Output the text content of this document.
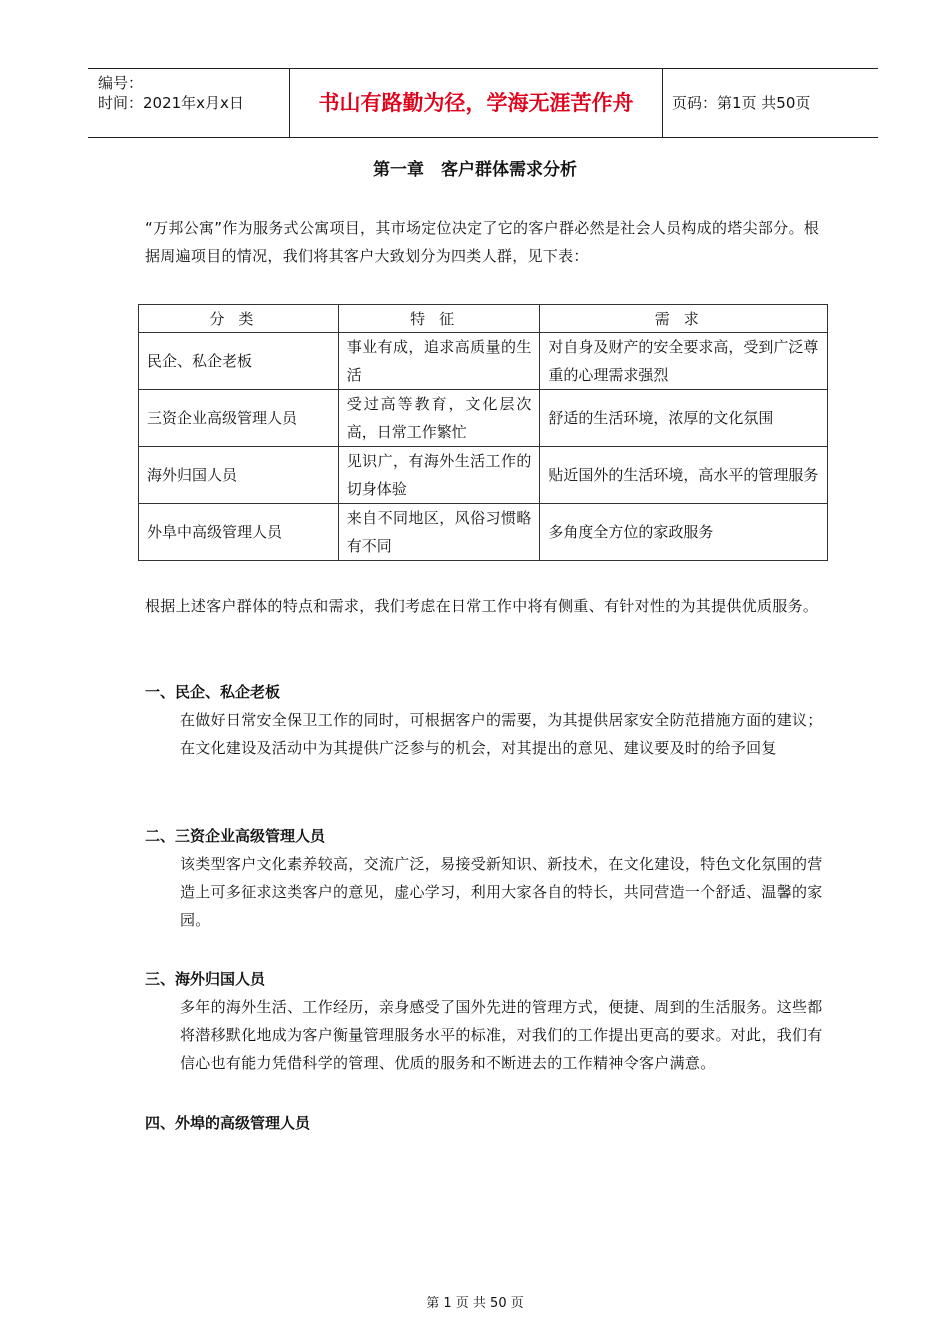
编号：
时间：2021年x月x日	书山有路勤为径，学海无涯苦作舟	页码：第1页 共50页
第一章　客户群体需求分析
“万邦公寓”作为服务式公寓项目，其市场定位决定了它的客户群必然是社会人员构成的塔尖部分。根据周遍项目的情况，我们将其客户大致划分为四类人群，见下表：
分类	特征	需求
民企、私企老板	事业有成，追求高质量的生活	对自身及财产的安全要求高，受到广泛尊重的心理需求强烈
三资企业高级管理人员	受过高等教育，文化层次高，日常工作繁忙	舒适的生活环境，浓厚的文化氛围
海外归国人员	见识广，有海外生活工作的切身体验	贴近国外的生活环境，高水平的管理服务
外阜中高级管理人员	来自不同地区，风俗习惯略有不同	多角度全方位的家政服务
根据上述客户群体的特点和需求，我们考虑在日常工作中将有侧重、有针对性的为其提供优质服务。
一、民企、私企老板
在做好日常安全保卫工作的同时，可根据客户的需要，为其提供居家安全防范措施方面的建议；在文化建设及活动中为其提供广泛参与的机会，对其提出的意见、建议要及时的给予回复
二、三资企业高级管理人员
该类型客户文化素养较高，交流广泛，易接受新知识、新技术，在文化建设，特色文化氛围的营造上可多征求这类客户的意见，虚心学习，利用大家各自的特长，共同营造一个舒适、温馨的家园。
三、海外归国人员
多年的海外生活、工作经历，亲身感受了国外先进的管理方式，便捷、周到的生活服务。这些都将潜移默化地成为客户衡量管理服务水平的标准，对我们的工作提出更高的要求。对此，我们有信心也有能力凭借科学的管理、优质的服务和不断进去的工作精神令客户满意。
四、外埠的高级管理人员
第 1 页 共 50 页
